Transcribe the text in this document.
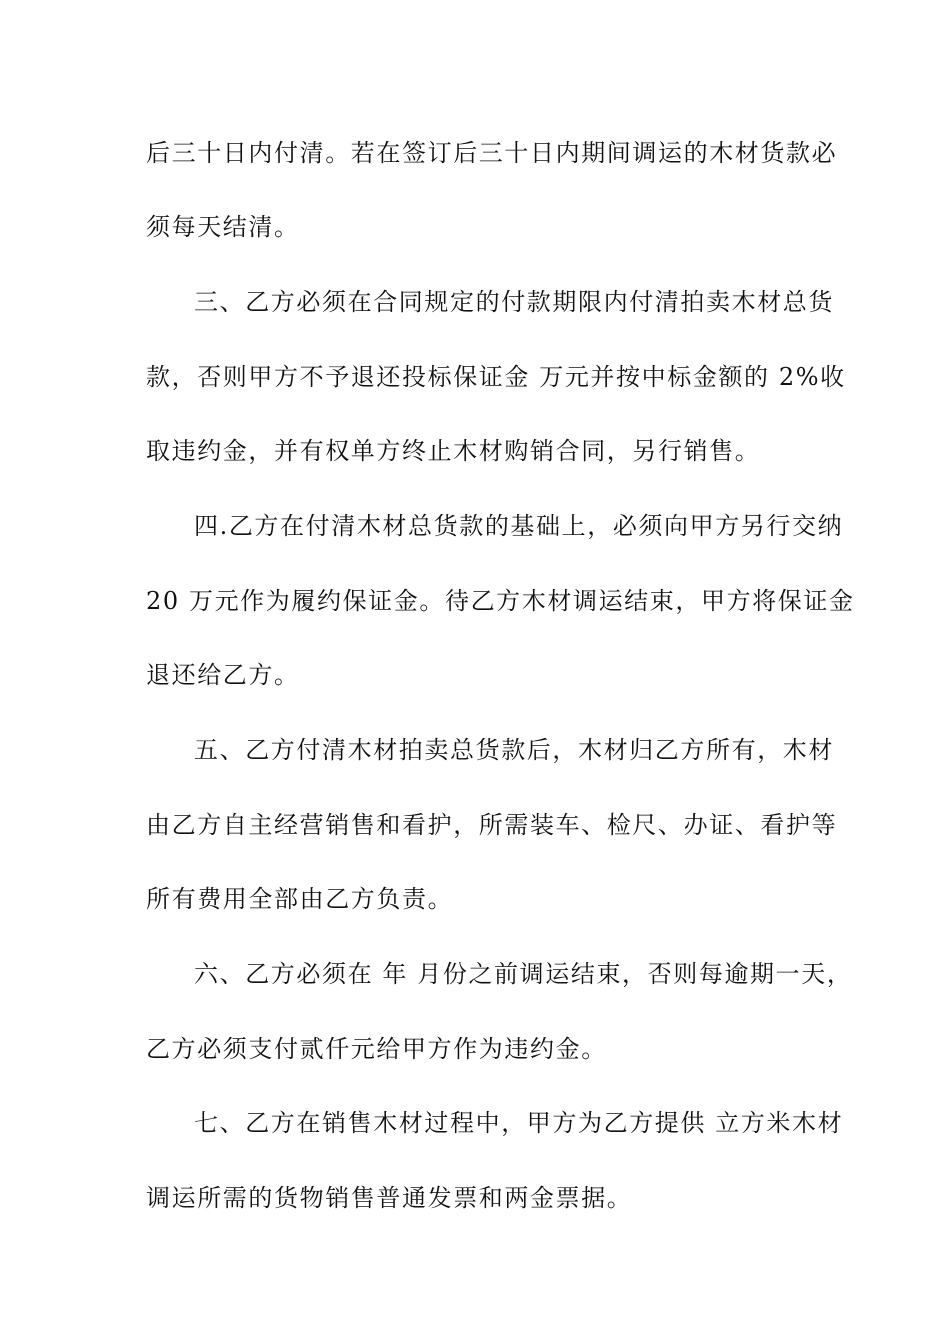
后三十日内付清。若在签订后三十日内期间调运的木材货款必
须每天结清。
三、乙方必须在合同规定的付款期限内付清拍卖木材总货
款，否则甲方不予退还投标保证金 万元并按中标金额的 2%收
取违约金，并有权单方终止木材购销合同，另行销售。
四.乙方在付清木材总货款的基础上，必须向甲方另行交纳
20 万元作为履约保证金。待乙方木材调运结束，甲方将保证金
退还给乙方。
五、乙方付清木材拍卖总货款后，木材归乙方所有，木材
由乙方自主经营销售和看护，所需装车、检尺、办证、看护等
所有费用全部由乙方负责。
六、乙方必须在 年 月份之前调运结束，否则每逾期一天，
乙方必须支付贰仟元给甲方作为违约金。
七、乙方在销售木材过程中，甲方为乙方提供 立方米木材
调运所需的货物销售普通发票和两金票据。
